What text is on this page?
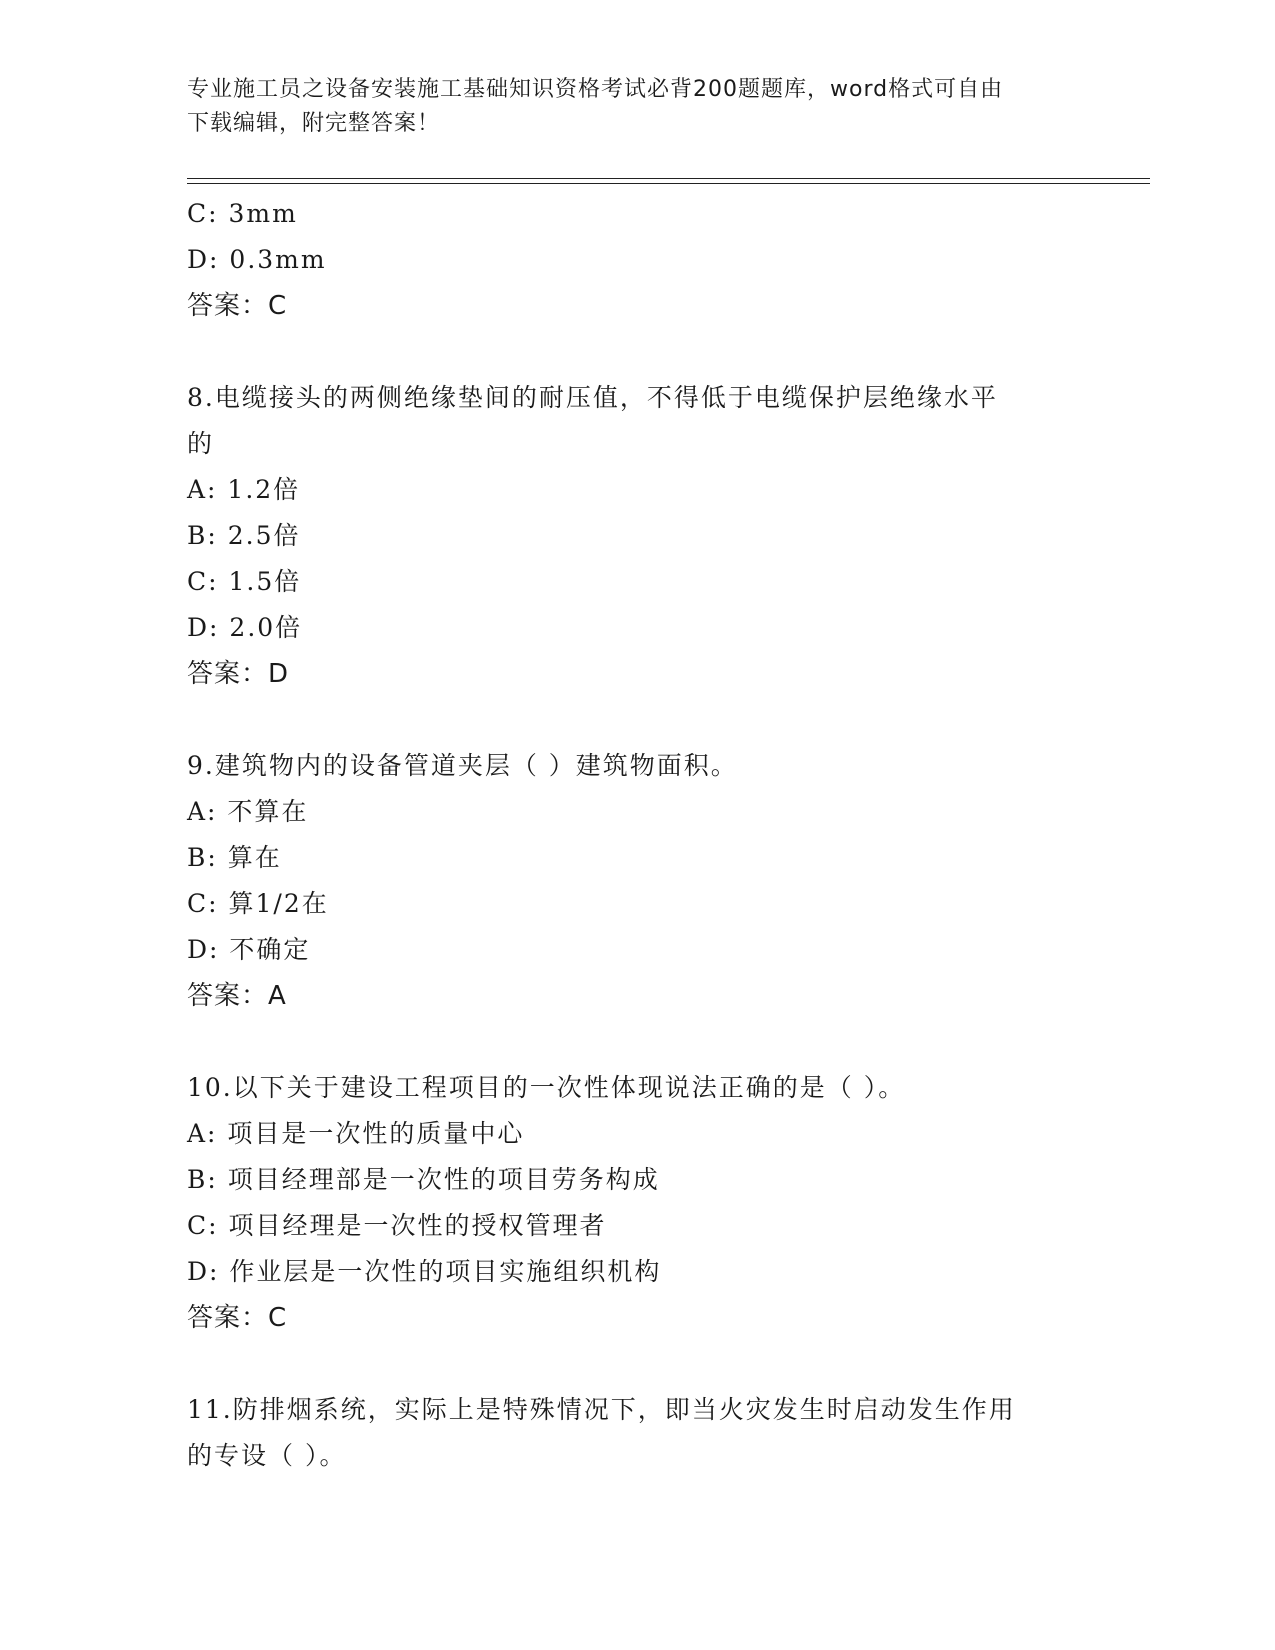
专业施工员之设备安装施工基础知识资格考试必背200题题库，word格式可自由
下载编辑，附完整答案！
C: 3mm
D: 0.3mm
答案：C
8.电缆接头的两侧绝缘垫间的耐压值，不得低于电缆保护层绝缘水平
的
A: 1.2倍
B: 2.5倍
C: 1.5倍
D: 2.0倍
答案：D
9.建筑物内的设备管道夹层（ ）建筑物面积。
A: 不算在
B: 算在
C: 算1/2在
D: 不确定
答案：A
10.以下关于建设工程项目的一次性体现说法正确的是（ ）。
A: 项目是一次性的质量中心
B: 项目经理部是一次性的项目劳务构成
C: 项目经理是一次性的授权管理者
D: 作业层是一次性的项目实施组织机构
答案：C
11.防排烟系统，实际上是特殊情况下，即当火灾发生时启动发生作用
的专设（ ）。
